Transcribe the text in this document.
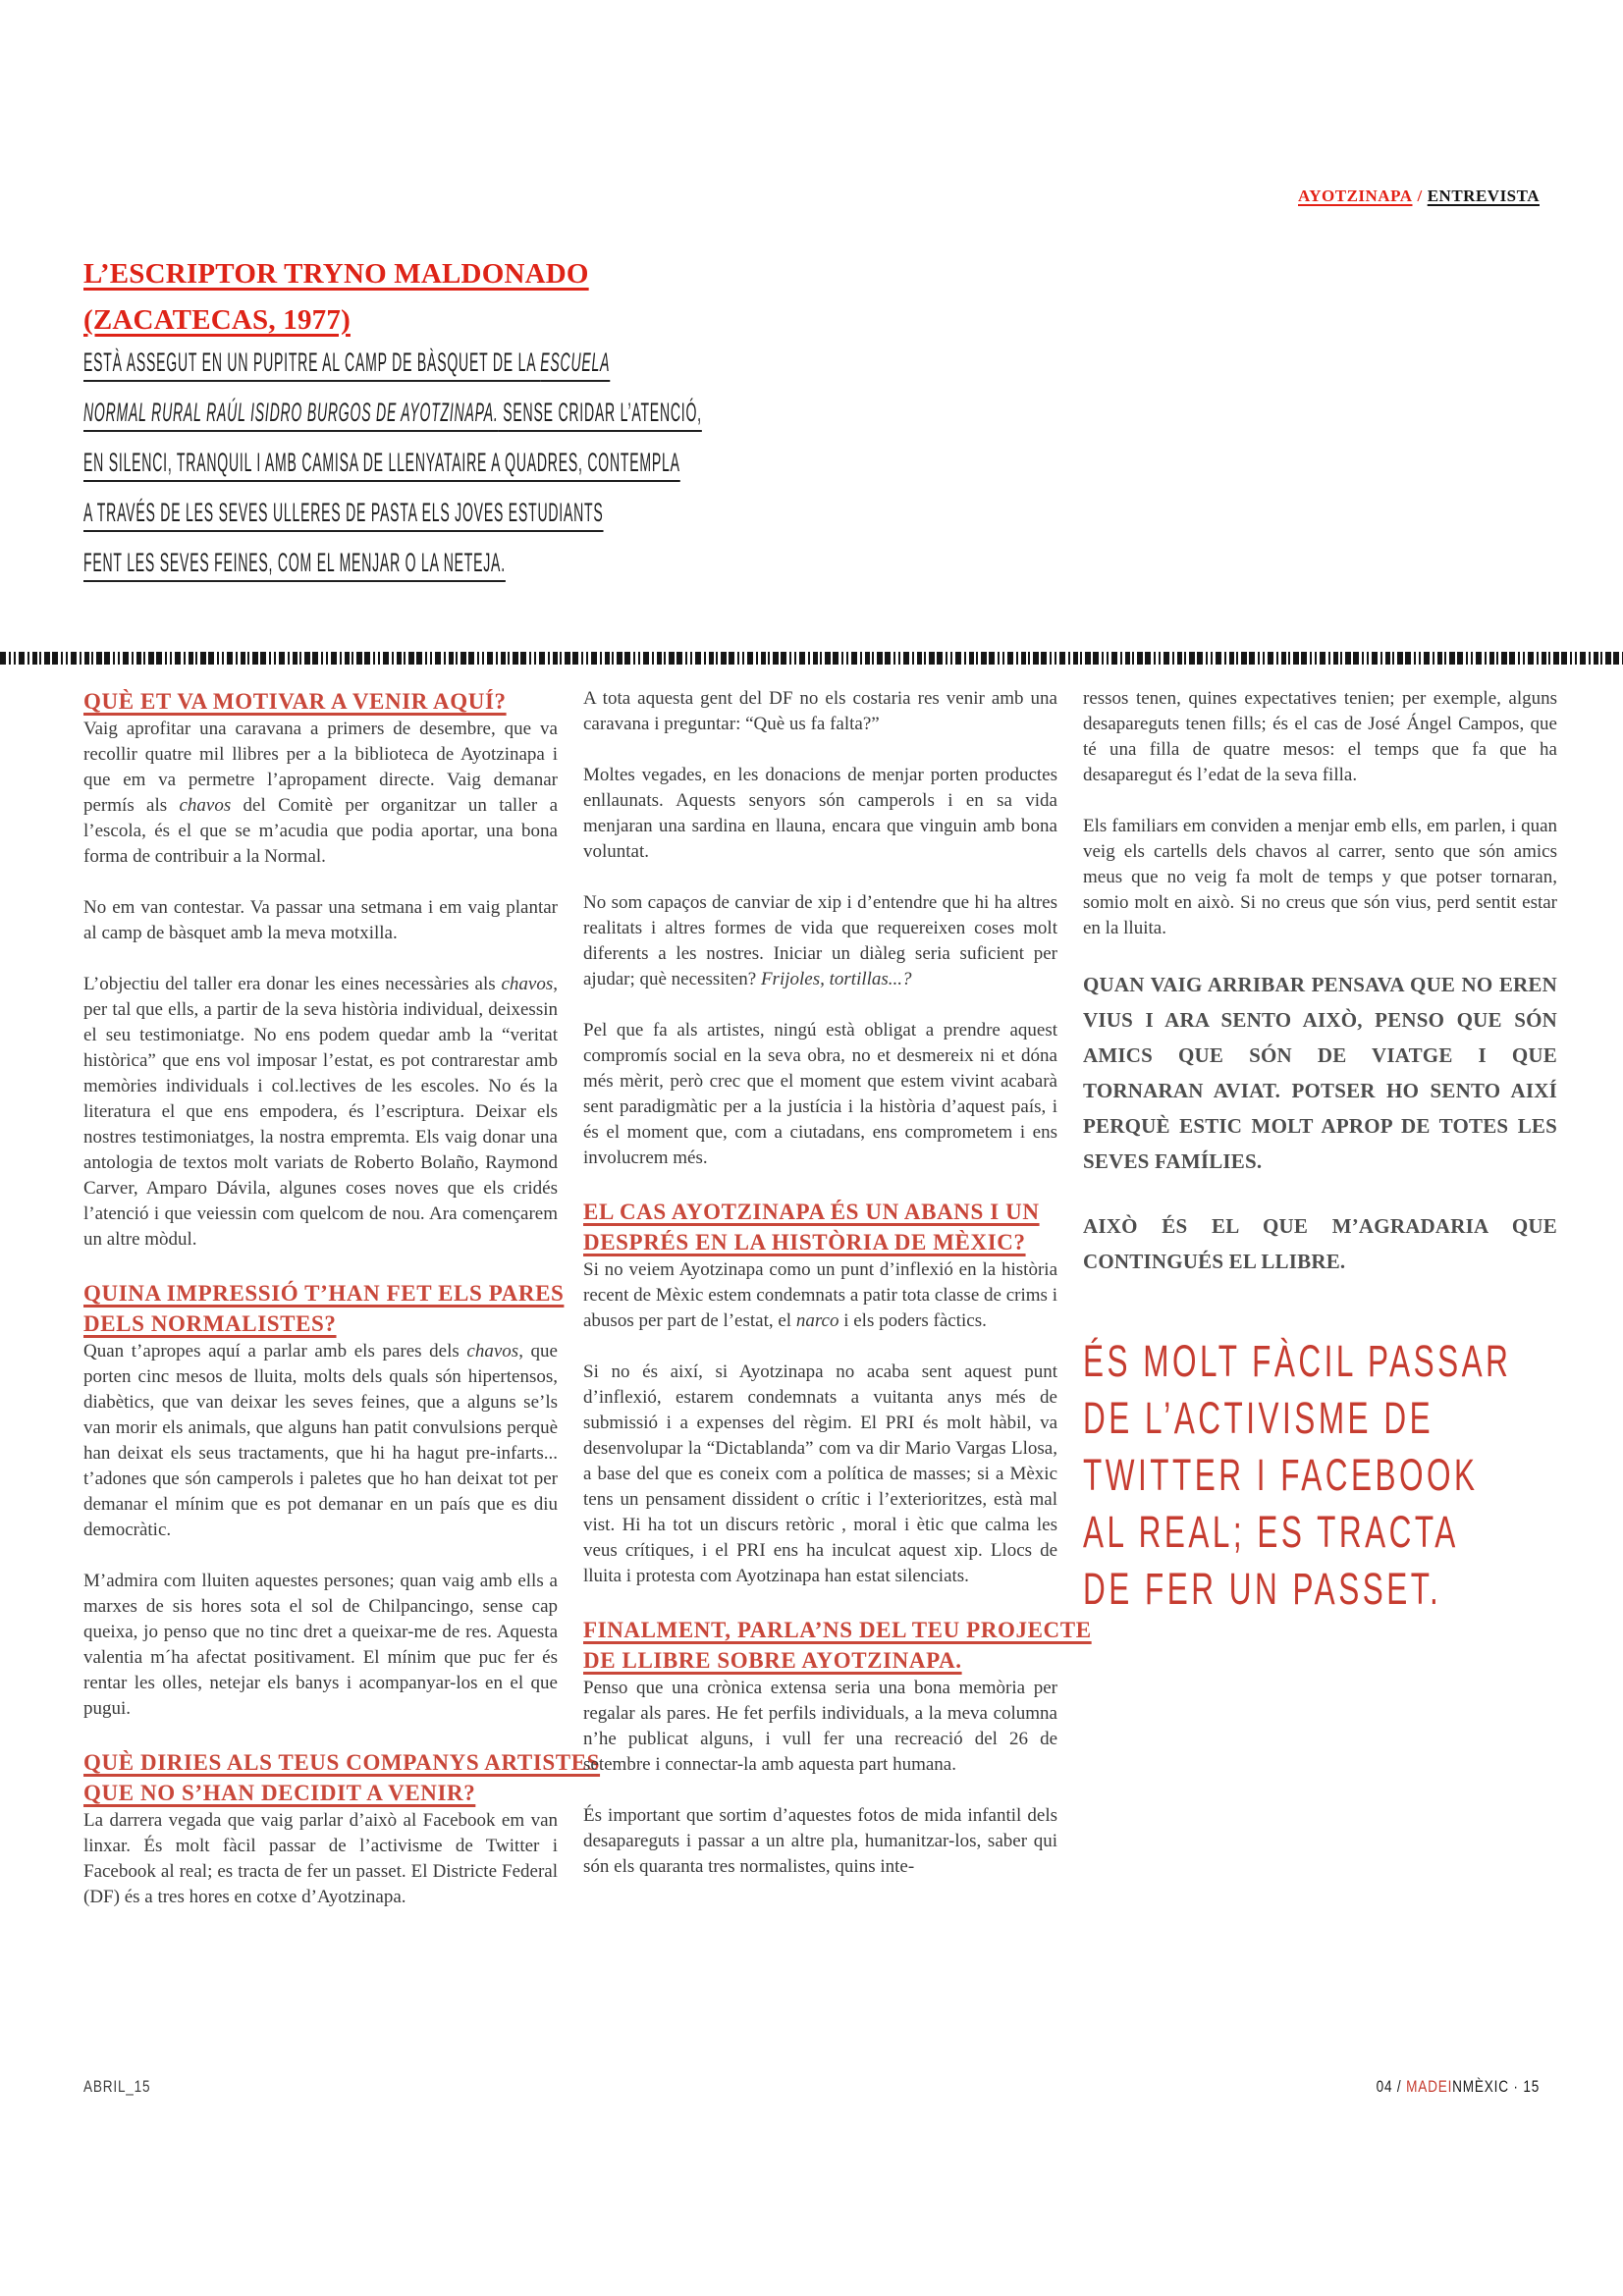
AYOTZINAPA / ENTREVISTA
L’ESCRIPTOR TRYNO MALDONADO
(ZACATECAS, 1977)
ESTÀ ASSEGUT EN UN PUPITRE AL CAMP DE BÀSQUET DE LA ESCUELA
NORMAL RURAL RAÚL ISIDRO BURGOS DE AYOTZINAPA. SENSE CRIDAR L’ATENCIÓ,
EN SILENCI, TRANQUIL I AMB CAMISA DE LLENYATAIRE A QUADRES, CONTEMPLA
A TRAVÉS DE LES SEVES ULLERES DE PASTA ELS JOVES ESTUDIANTS
FENT LES SEVES FEINES, COM EL MENJAR O LA NETEJA.
QUÈ ET VA MOTIVAR A VENIR AQUÍ?

Vaig aprofitar una caravana a primers de desembre, que va recollir quatre mil llibres per a la biblioteca de Ayotzinapa i que em va permetre l’apropament directe. Vaig demanar permís als chavos del Comitè per organitzar un taller a l’escola, és el que se m’acudia que podia aportar, una bona forma de contribuir a la Normal.

No em van contestar. Va passar una setmana i em vaig plantar al camp de bàsquet amb la meva motxilla.

L’objectiu del taller era donar les eines necessàries als chavos, per tal que ells, a partir de la seva història individual, deixessin el seu testimoniatge. No ens podem quedar amb la “veritat històrica” que ens vol imposar l’estat, es pot contrarestar amb memòries individuals i col.lectives de les escoles. No és la literatura el que ens empodera, és l’escriptura. Deixar els nostres testimoniatges, la nostra empremta. Els vaig donar una antologia de textos molt variats de Roberto Bolaño, Raymond Carver, Amparo Dávila, algunes coses noves que els cridés l’atenció i que veiessin com quelcom de nou. Ara començarem un altre mòdul.

QUINA IMPRESSIÓ T’HAN FET ELS PARES
DELS NORMALISTES?

Quan t’apropes aquí a parlar amb els pares dels chavos, que porten cinc mesos de lluita, molts dels quals són hipertensos, diabètics, que van deixar les seves feines, que a alguns se’ls van morir els animals, que alguns han patit convulsions perquè han deixat els seus tractaments, que hi ha hagut pre-infarts... t’adones que són camperols i paletes que ho han deixat tot per demanar el mínim que es pot demanar en un país que es diu democràtic.

M’admira com lluiten aquestes persones; quan vaig amb ells a marxes de sis hores sota el sol de Chilpancingo, sense cap queixa, jo penso que no tinc dret a queixar-me de res. Aquesta valentia m´ha afectat positivament. El mínim que puc fer és rentar les olles, netejar els banys i acompanyar-los en el que pugui.

QUÈ DIRIES ALS TEUS COMPANYS ARTISTES
QUE NO S’HAN DECIDIT A VENIR?

La darrera vegada que vaig parlar d’això al Facebook em van linxar. És molt fàcil passar de l’activisme de Twitter i Facebook al real; es tracta de fer un passet. El Districte Federal (DF) és a tres hores en cotxe d’Ayotzinapa.

A tota aquesta gent del DF no els costaria res venir amb una caravana i preguntar: “Què us fa falta?”

Moltes vegades, en les donacions de menjar porten productes enllaunats. Aquests senyors són camperols i en sa vida menjaran una sardina en llauna, encara que vinguin amb bona voluntat.

No som capaços de canviar de xip i d’entendre que hi ha altres realitats i altres formes de vida que requereixen coses molt diferents a les nostres. Iniciar un diàleg seria suficient per ajudar; què necessiten? Frijoles, tortillas...?

Pel que fa als artistes, ningú està obligat a prendre aquest compromís social en la seva obra, no et desmereix ni et dóna més mèrit, però crec que el moment que estem vivint acabarà sent paradigmàtic per a la justícia i la història d’aquest país, i és el moment que, com a ciutadans, ens comprometem i ens involucrem més.

EL CAS AYOTZINAPA ÉS UN ABANS I UN
DESPRÉS EN LA HISTÒRIA DE MÈXIC?

Si no veiem Ayotzinapa como un punt d’inflexió en la història recent de Mèxic estem condemnats a patir tota classe de crims i abusos per part de l’estat, el narco i els poders fàctics.

Si no és així, si Ayotzinapa no acaba sent aquest punt d’inflexió, estarem condemnats a vuitanta anys més de submissió i a expenses del règim. El PRI és molt hàbil, va desenvolupar la “Dictablanda” com va dir Mario Vargas Llosa, a base del que es coneix com a política de masses; si a Mèxic tens un pensament dissident o crític i l’exterioritzes, està mal vist. Hi ha tot un discurs retòric , moral i ètic que calma les veus crítiques, i el PRI ens ha inculcat aquest xip. Llocs de lluita i protesta com Ayotzinapa han estat silenciats.

FINALMENT, PARLA’NS DEL TEU PROJECTE
DE LLIBRE SOBRE AYOTZINAPA.

Penso que una crònica extensa seria una bona memòria per regalar als pares. He fet perfils individuals, a la meva columna n’he publicat alguns, i vull fer una recreació del 26 de setembre i connectar-la amb aquesta part humana.

És important que sortim d’aquestes fotos de mida infantil dels desapareguts i passar a un altre pla, humanitzar-los, saber qui són els quaranta tres normalistes, quins inte-

ressos tenen, quines expectatives tenien; per exemple, alguns desapareguts tenen fills; és el cas de José Ángel Campos, que té una filla de quatre mesos: el temps que fa que ha desaparegut és l’edat de la seva filla.

Els familiars em conviden a menjar emb ells, em parlen, i quan veig els cartells dels chavos al carrer, sento que són amics meus que no veig fa molt de temps y que potser tornaran, somio molt en això. Si no creus que són vius, perd sentit estar en la lluita.

QUAN VAIG ARRIBAR PENSAVA QUE NO EREN VIUS I ARA SENTO AIXÒ, PENSO QUE SÓN AMICS QUE SÓN DE VIATGE I QUE TORNARAN AVIAT. POTSER HO SENTO AIXÍ PERQUÈ ESTIC MOLT APROP DE TOTES LES SEVES FAMÍLIES.

AIXÒ ÉS EL QUE M’AGRADARIA QUE CONTINGUÉS EL LLIBRE.

ÉS MOLT FÀCIL PASSAR
DE L’ACTIVISME DE
TWITTER I FACEBOOK
AL REAL; ES TRACTA
DE FER UN PASSET.
ABRIL_15	04 / MADEINMÈXIC · 15
